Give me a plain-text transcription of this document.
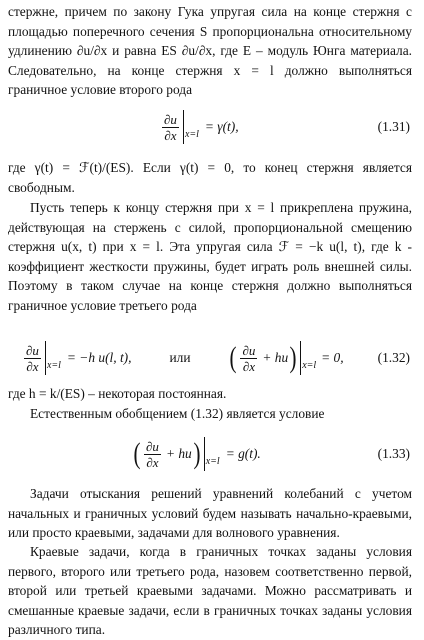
стержне, причем по закону Гука упругая сила на конце стержня с площадью поперечного сечения S пропорциональна относительному удлинению ∂u/∂x и равна ES ∂u/∂x, где E – модуль Юнга материала. Следовательно, на конце стержня x = l должно выполняться граничное условие второго рода

$\frac{\partial u}{\partial x} x=l$
= γ(t),	(1.31)

где γ(t) = ℱ(t)/(ES). Если γ(t) = 0, то конец стержня является свободным.

Пусть теперь к концу стержня при x = l прикреплена пружина, действующая на стержень с силой, пропорциональной смещению стержня u(x, t) при x = l. Эта упругая сила ℱ = −k u(l, t), где k - коэффициент жесткости пружины, будет играть роль внешней силы. Поэтому в таком случае на конце стержня должно выполняться граничное условие третьего рода

$\frac{\partial u}{\partial x} x=l$
= −h u(l, t),	или ( $\frac{\partial u}{\partial x}$ + hu ) x=l
= 0,	(1.32)

где h = k/(ES) – некоторая постоянная.

Естественным обобщением (1.32) является условие

( $\frac{\partial u}{\partial x}$ + hu ) x=l
= g(t).	(1.33)

Задачи отыскания решений уравнений колебаний с учетом начальных и граничных условий будем называть начально-краевыми, или просто краевыми, задачами для волнового уравнения.

Краевые задачи, когда в граничных точках заданы условия первого, второго или третьего рода, назовем соответственно первой, второй или третьей краевыми задачами. Можно рассматривать и смешанные краевые задачи, если в граничных точках заданы условия различного типа.
